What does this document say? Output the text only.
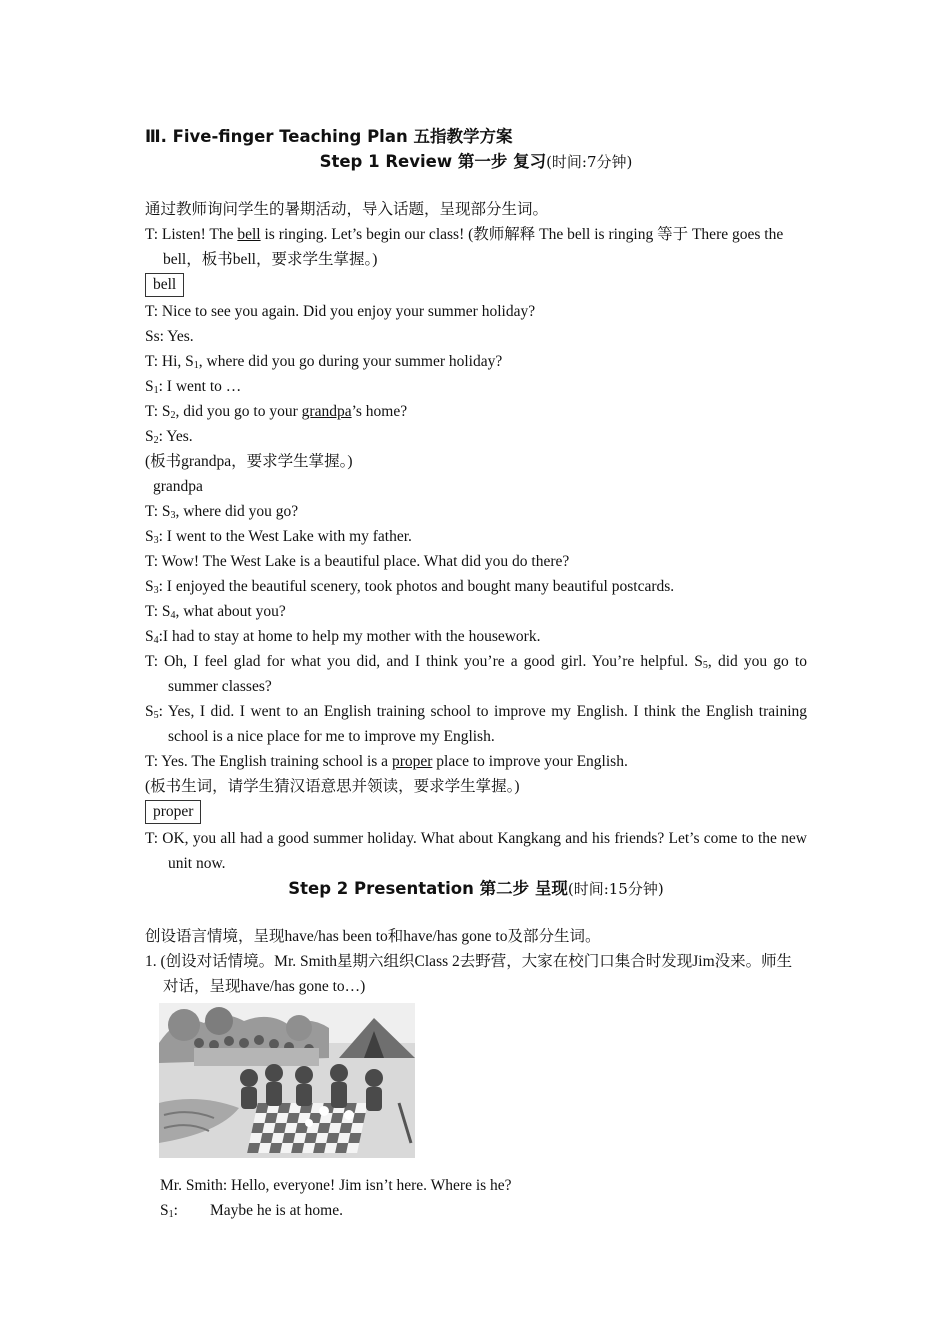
Ⅲ. Five-finger Teaching Plan 五指教学方案
Step 1 Review 第一步 复习(时间:7分钟)
通过教师询问学生的暑期活动，导入话题，呈现部分生词。
T: Listen! The bell is ringing. Let’s begin our class! (教师解释 The bell is ringing 等于 There goes the bell，板书bell，要求学生掌握。)
bell
T: Nice to see you again. Did you enjoy your summer holiday?
Ss: Yes.
T: Hi, $S_1$, where did you go during your summer holiday?
$S_1$: I went to …
T: $S_2$, did you go to your grandpa’s home?
$S_2$: Yes.
(板书grandpa，要求学生掌握。)
grandpa
T: $S_3$, where did you go?
$S_3$: I went to the West Lake with my father.
T: Wow! The West Lake is a beautiful place. What did you do there?
$S_3$: I enjoyed the beautiful scenery, took photos and bought many beautiful postcards.
T: $S_4$, what about you?
$S_4:I$ had to stay at home to help my mother with the housework.
T: Oh, I feel glad for what you did, and I think you’re a good girl. You’re helpful. $S_5$, did you go to summer classes?
$S_5$: Yes, I did. I went to an English training school to improve my English. I think the English training school is a nice place for me to improve my English.
T: Yes. The English training school is a proper place to improve your English.
(板书生词，请学生猜汉语意思并领读，要求学生掌握。)
proper
T: OK, you all had a good summer holiday. What about Kangkang and his friends? Let’s come to the new unit now.
Step 2 Presentation 第二步 呈现(时间:15分钟)
创设语言情境，呈现have/has been to和have/has gone to及部分生词。
1. (创设对话情境。Mr. Smith星期六组织Class 2去野营，大家在校门口集合时发现Jim没来。师生对话，呈现have/has gone to…)
Mr. Smith: Hello, everyone! Jim isn’t here. Where is he?
$S_1$: Maybe he is at home.
